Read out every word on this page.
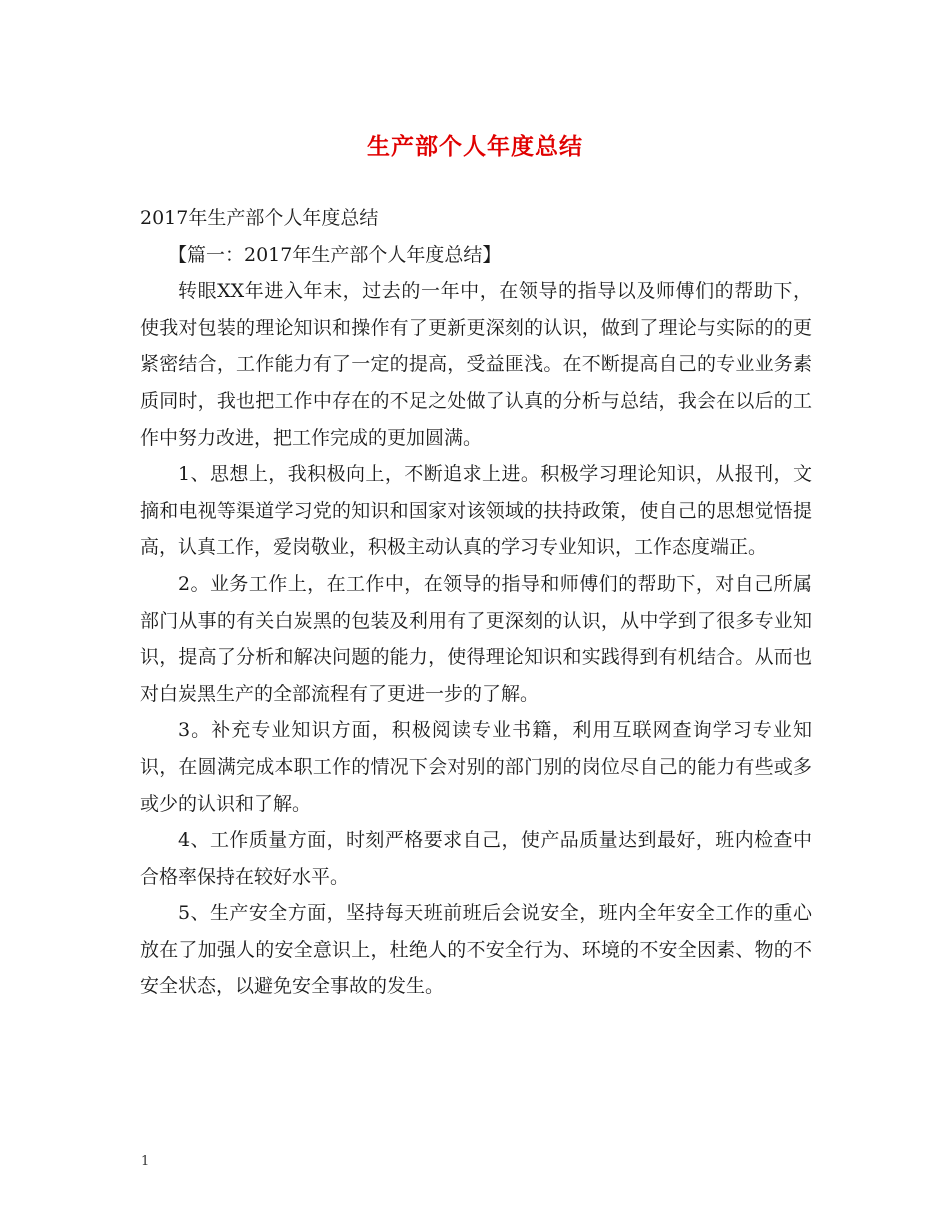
生产部个人年度总结

2017年生产部个人年度总结

【篇一：2017年生产部个人年度总结】

转眼XX年进入年末，过去的一年中，在领导的指导以及师傅们的帮助下，使我对包装的理论知识和操作有了更新更深刻的认识，做到了理论与实际的的更紧密结合，工作能力有了一定的提高，受益匪浅。在不断提高自己的专业业务素质同时，我也把工作中存在的不足之处做了认真的分析与总结，我会在以后的工作中努力改进，把工作完成的更加圆满。

1、思想上，我积极向上，不断追求上进。积极学习理论知识，从报刊，文摘和电视等渠道学习党的知识和国家对该领域的扶持政策，使自己的思想觉悟提高，认真工作，爱岗敬业，积极主动认真的学习专业知识，工作态度端正。

2。业务工作上，在工作中，在领导的指导和师傅们的帮助下，对自己所属部门从事的有关白炭黑的包装及利用有了更深刻的认识，从中学到了很多专业知识，提高了分析和解决问题的能力，使得理论知识和实践得到有机结合。从而也对白炭黑生产的全部流程有了更进一步的了解。

3。补充专业知识方面，积极阅读专业书籍，利用互联网查询学习专业知识，在圆满完成本职工作的情况下会对别的部门别的岗位尽自己的能力有些或多或少的认识和了解。

4、工作质量方面，时刻严格要求自己，使产品质量达到最好，班内检查中合格率保持在较好水平。

5、生产安全方面，坚持每天班前班后会说安全，班内全年安全工作的重心放在了加强人的安全意识上，杜绝人的不安全行为、环境的不安全因素、物的不安全状态，以避免安全事故的发生。

1
